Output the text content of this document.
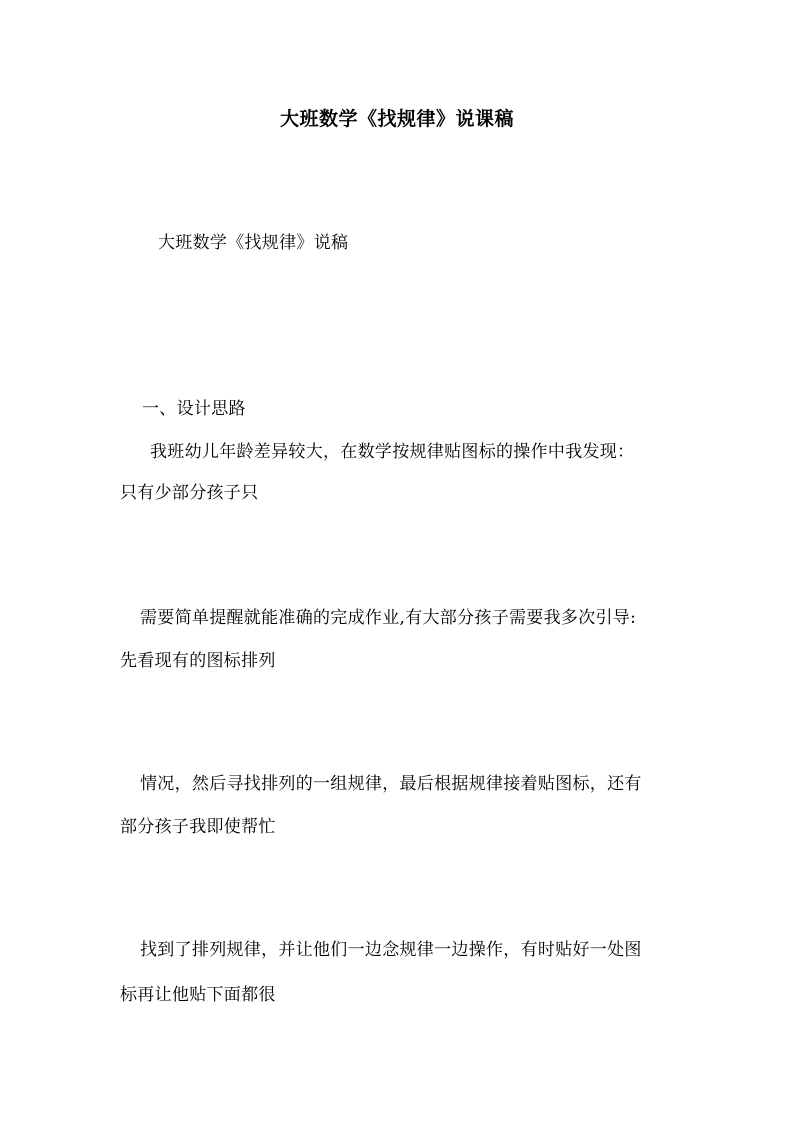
大班数学《找规律》说课稿
大班数学《找规律》说稿
一、设计思路
我班幼儿年龄差异较大，在数学按规律贴图标的操作中我发现：
只有少部分孩子只
需要简单提醒就能准确的完成作业,有大部分孩子需要我多次引导:
先看现有的图标排列
情况，然后寻找排列的一组规律，最后根据规律接着贴图标，还有
部分孩子我即使帮忙
找到了排列规律，并让他们一边念规律一边操作，有时贴好一处图
标再让他贴下面都很
